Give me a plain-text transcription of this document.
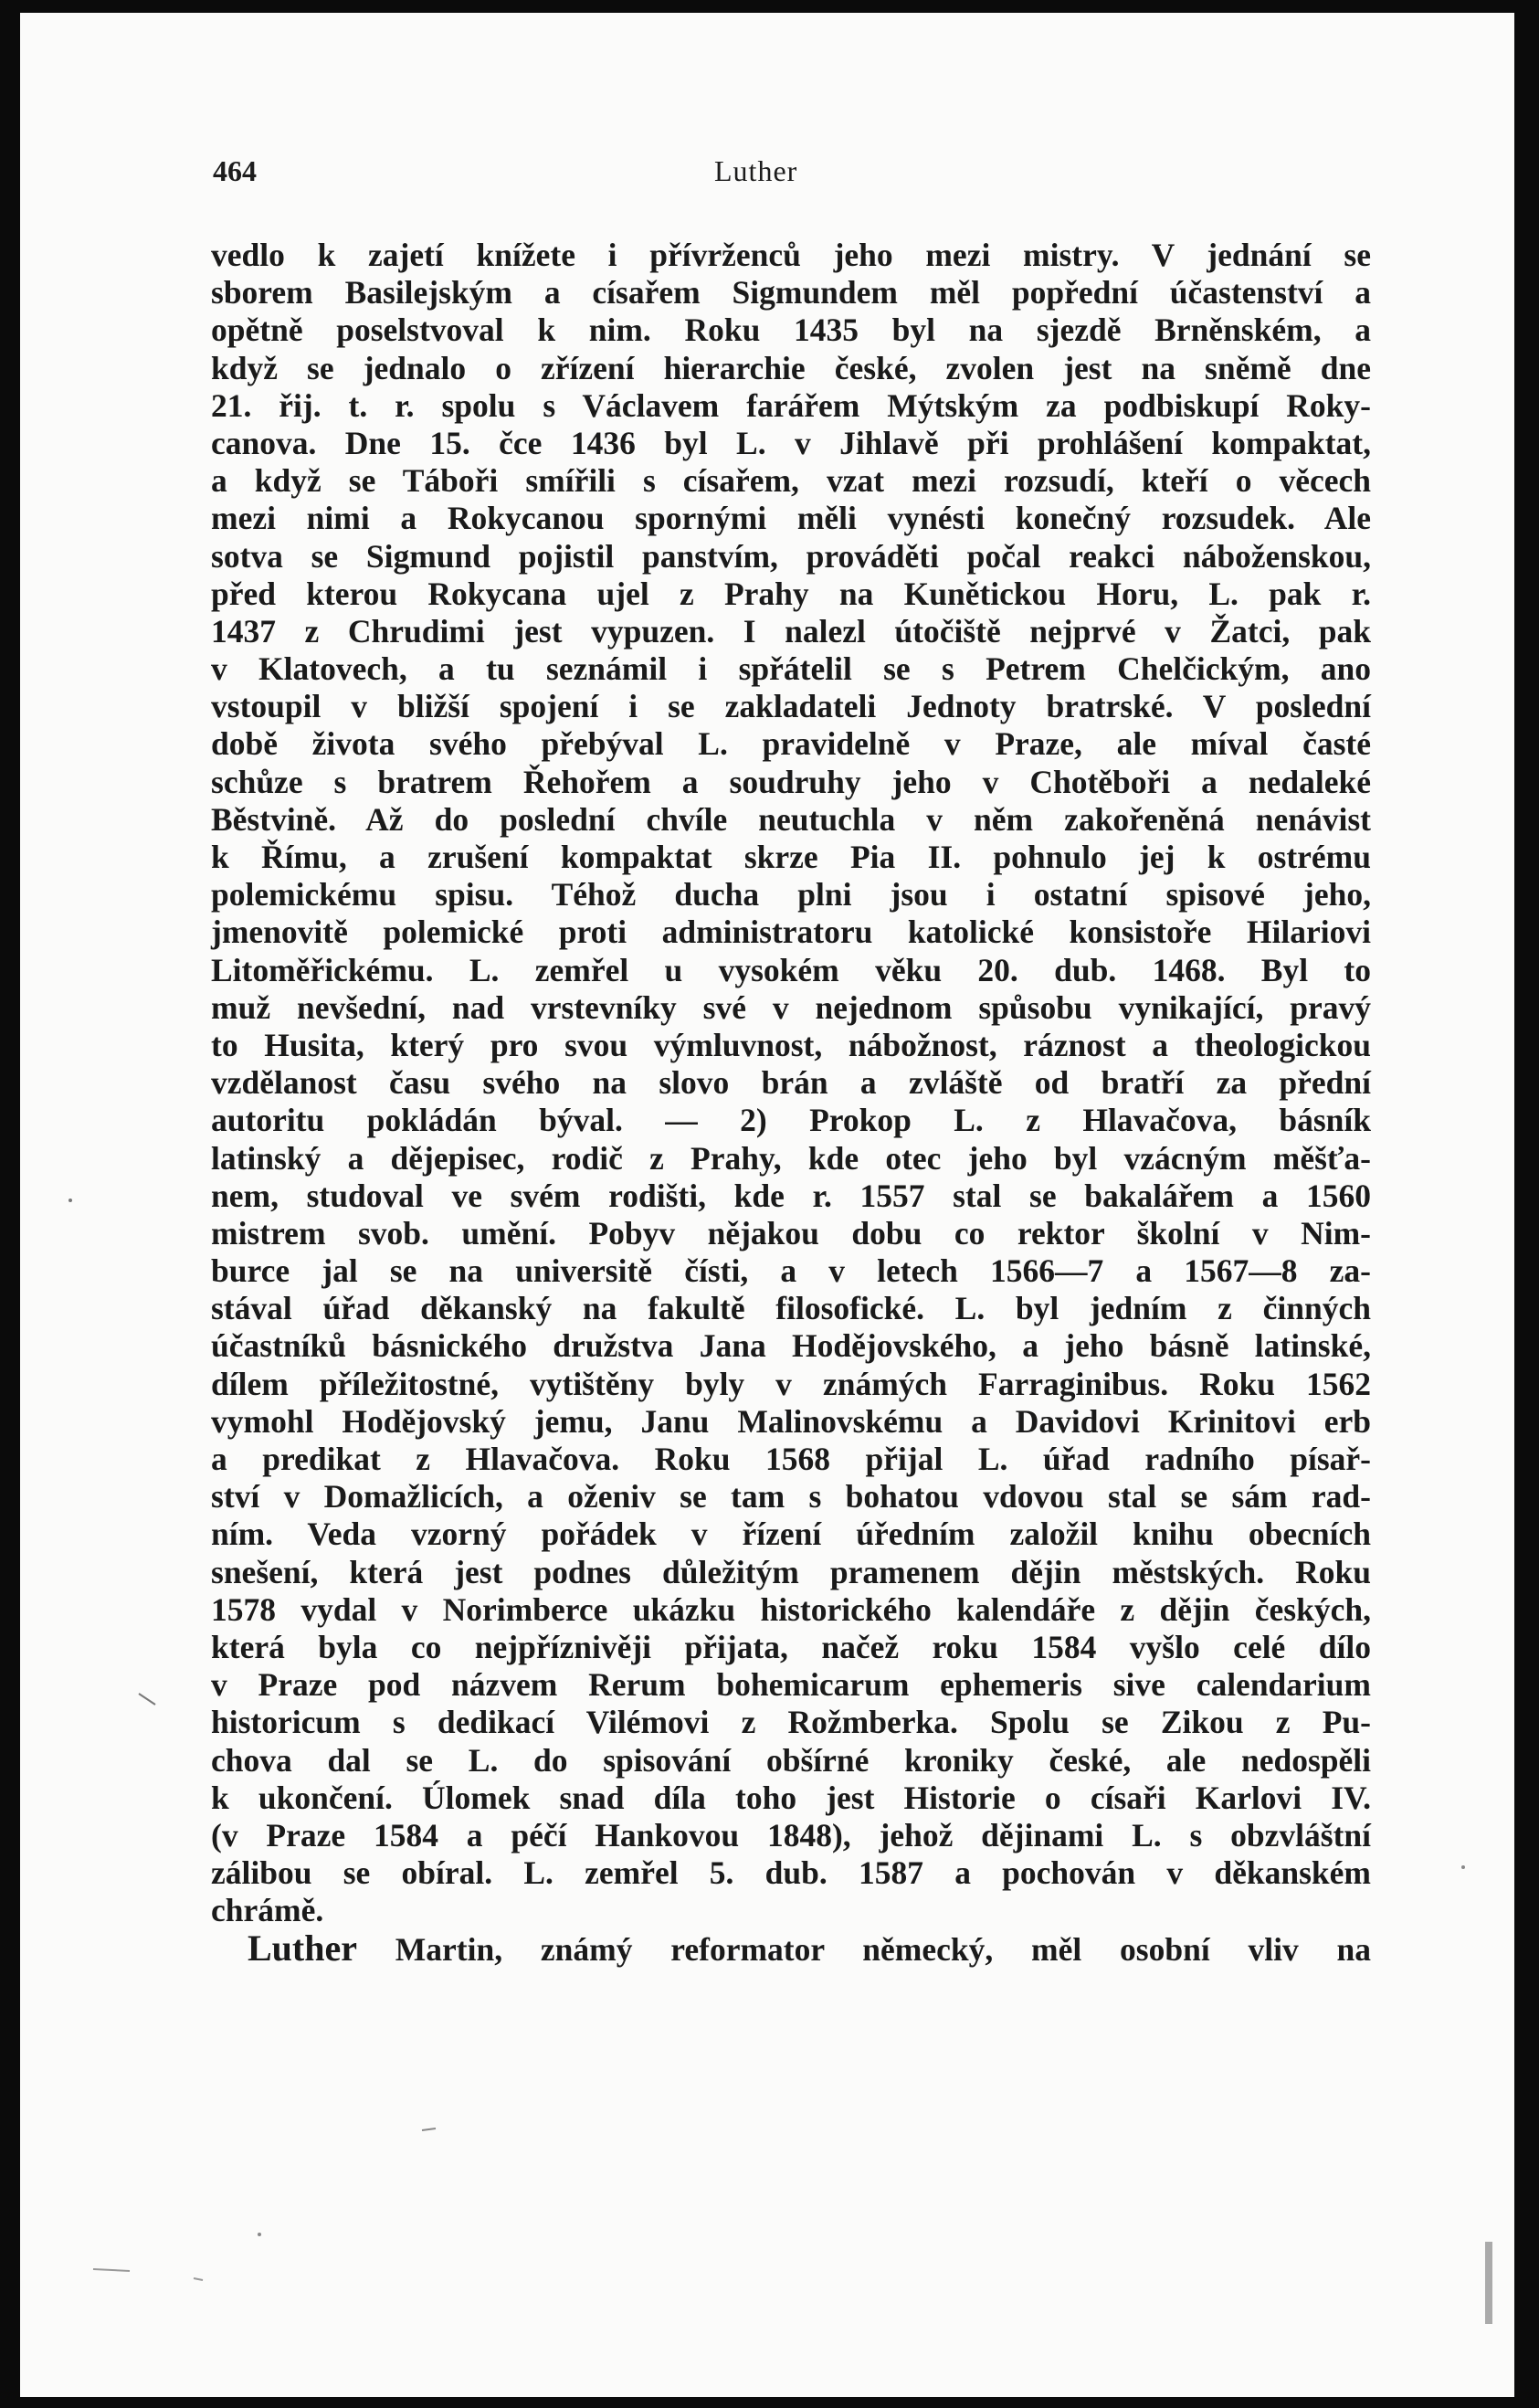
464	Luther
vedlo k zajetí knížete i přívrženců jeho mezi mistry. V jednání se
sborem Basilejským a císařem Sigmundem měl popřední účastenství a
opětně poselstvoval k nim. Roku 1435 byl na sjezdě Brněnském, a
když se jednalo o zřízení hierarchie české, zvolen jest na sněmě dne
21. řij. t. r. spolu s Václavem farářem Mýtským za podbiskupí Roky-
canova. Dne 15. čce 1436 byl L. v Jihlavě při prohlášení kompaktat,
a když se Táboři smířili s císařem, vzat mezi rozsudí, kteří o věcech
mezi nimi a Rokycanou spornými měli vynésti konečný rozsudek. Ale
sotva se Sigmund pojistil panstvím, prováděti počal reakci náboženskou,
před kterou Rokycana ujel z Prahy na Kunětickou Horu, L. pak r.
1437 z Chrudimi jest vypuzen. I nalezl útočiště nejprvé v Žatci, pak
v Klatovech, a tu seznámil i spřátelil se s Petrem Chelčickým, ano
vstoupil v bližší spojení i se zakladateli Jednoty bratrské. V poslední
době života svého přebýval L. pravidelně v Praze, ale míval časté
schůze s bratrem Řehořem a soudruhy jeho v Chotěboři a nedaleké
Běstvině. Až do poslední chvíle neutuchla v něm zakořeněná nenávist
k Římu, a zrušení kompaktat skrze Pia II. pohnulo jej k ostrému
polemickému spisu. Téhož ducha plni jsou i ostatní spisové jeho,
jmenovitě polemické proti administratoru katolické konsistoře Hilariovi
Litoměřickému. L. zemřel u vysokém věku 20. dub. 1468. Byl to
muž nevšední, nad vrstevníky své v nejednom spůsobu vynikající, pravý
to Husita, který pro svou výmluvnost, nábožnost, ráznost a theologickou
vzdělanost času svého na slovo brán a zvláště od bratří za přední
autoritu pokládán býval. — 2) Prokop L. z Hlavačova, básník
latinský a dějepisec, rodič z Prahy, kde otec jeho byl vzácným měšťa-
nem, studoval ve svém rodišti, kde r. 1557 stal se bakalářem a 1560
mistrem svob. umění. Pobyv nějakou dobu co rektor školní v Nim-
burce jal se na universitě čísti, a v letech 1566—7 a 1567—8 za-
stával úřad děkanský na fakultě filosofické. L. byl jedním z činných
účastníků básnického družstva Jana Hodějovského, a jeho básně latinské,
dílem příležitostné, vytištěny byly v známých Farraginibus. Roku 1562
vymohl Hodějovský jemu, Janu Malinovskému a Davidovi Krinitovi erb
a predikat z Hlavačova. Roku 1568 přijal L. úřad radního písař-
ství v Domažlicích, a oženiv se tam s bohatou vdovou stal se sám rad-
ním. Veda vzorný pořádek v řízení úředním založil knihu obecních
snešení, která jest podnes důležitým pramenem dějin městských. Roku
1578 vydal v Norimberce ukázku historického kalendáře z dějin českých,
která byla co nejpříznivěji přijata, načež roku 1584 vyšlo celé dílo
v Praze pod názvem Rerum bohemicarum ephemeris sive calendarium
historicum s dedikací Vilémovi z Rožmberka. Spolu se Zikou z Pu-
chova dal se L. do spisování obšírné kroniky české, ale nedospěli
k ukončení. Úlomek snad díla toho jest Historie o císaři Karlovi IV.
(v Praze 1584 a péčí Hankovou 1848), jehož dějinami L. s obzvláštní
zálibou se obíral. L. zemřel 5. dub. 1587 a pochován v děkanském
chrámě.
Luther Martin, známý reformator německý, měl osobní vliv na
